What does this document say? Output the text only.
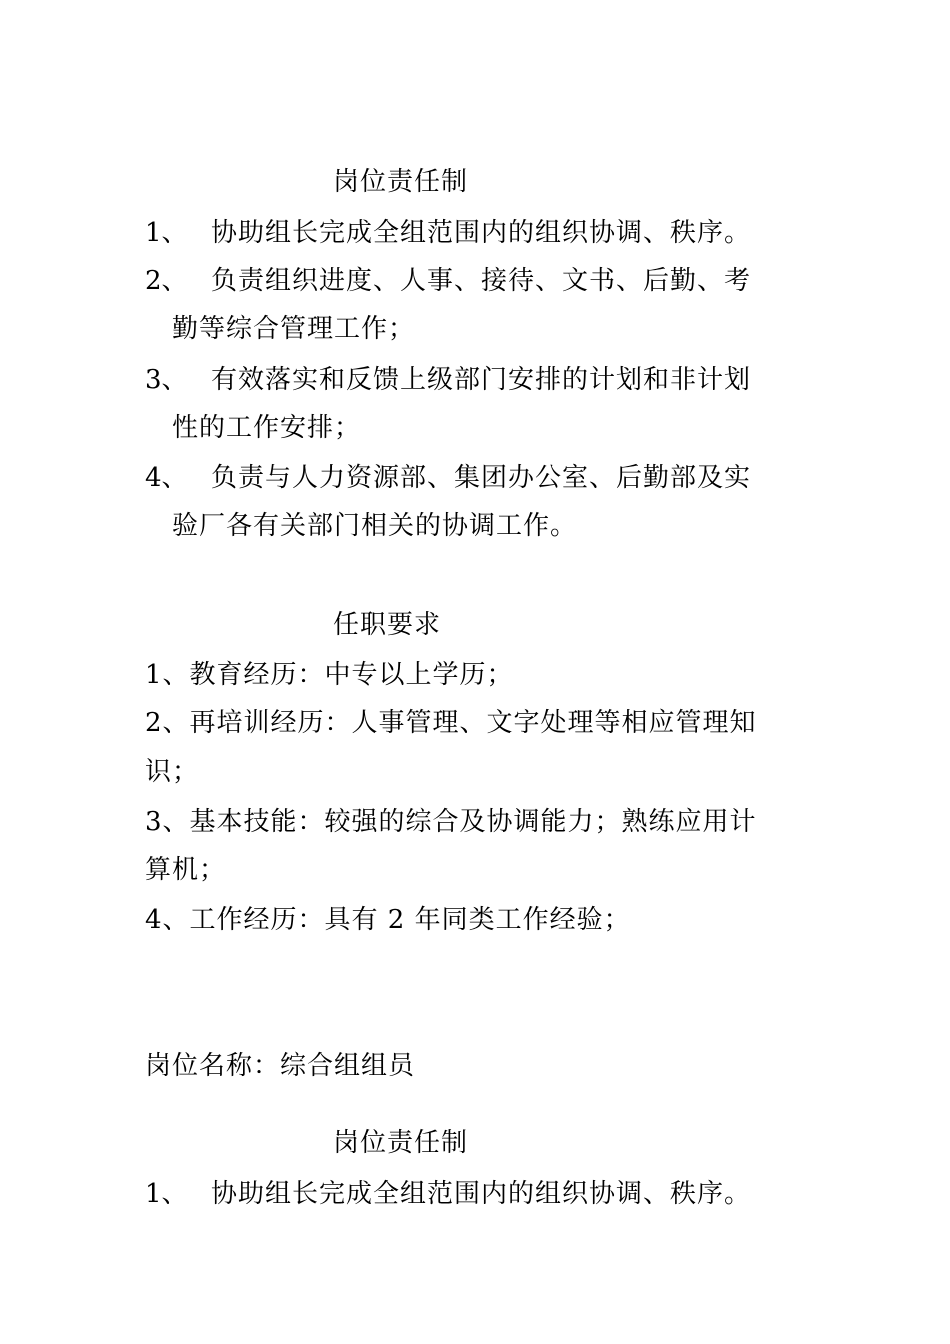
岗位责任制
1、 协助组长完成全组范围内的组织协调、秩序。
2、 负责组织进度、人事、接待、文书、后勤、考
勤等综合管理工作；
3、 有效落实和反馈上级部门安排的计划和非计划
性的工作安排；
4、 负责与人力资源部、集团办公室、后勤部及实
验厂各有关部门相关的协调工作。
任职要求
1、教育经历：中专以上学历；
2、再培训经历：人事管理、文字处理等相应管理知
识；
3、基本技能：较强的综合及协调能力；熟练应用计
算机；
4、工作经历：具有 2 年同类工作经验；
岗位名称：综合组组员
岗位责任制
1、 协助组长完成全组范围内的组织协调、秩序。
